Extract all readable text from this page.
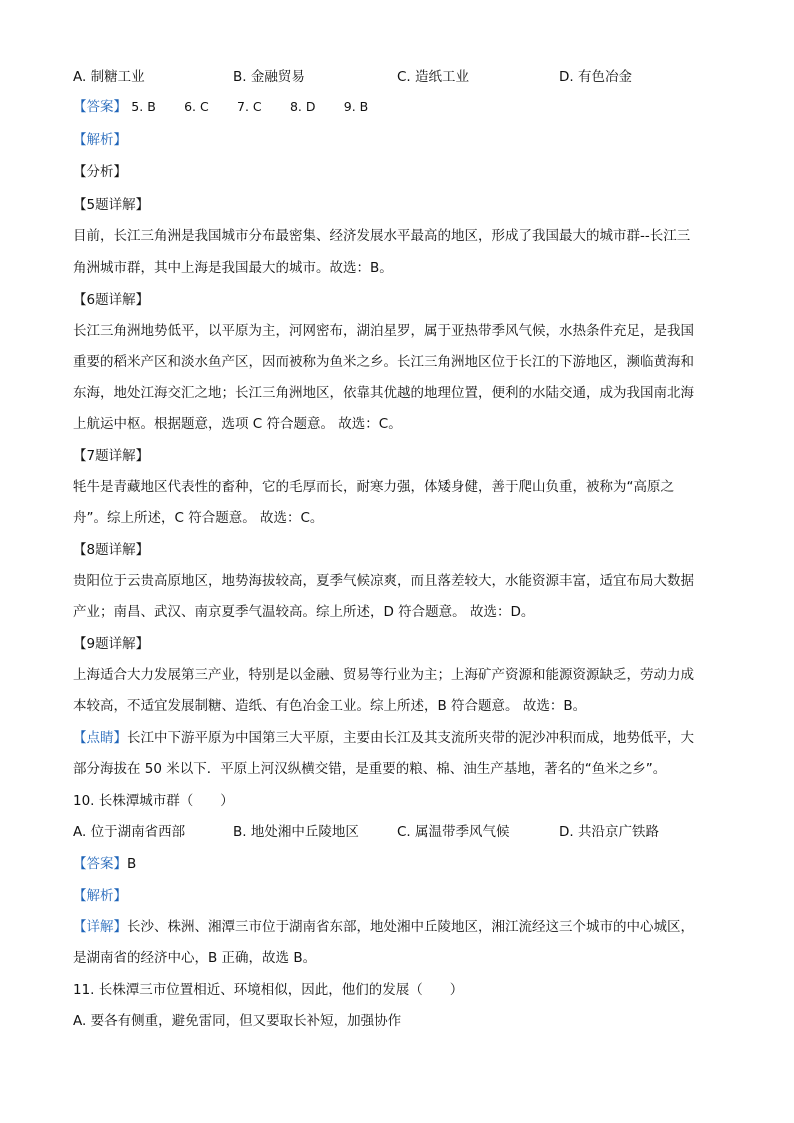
A. 制糖工业	B. 金融贸易	C. 造纸工业	D. 有色冶金
【答案】 5. B 6. C 7. C 8. D 9. B
【解析】
【分析】
【5题详解】
目前，长江三角洲是我国城市分布最密集、经济发展水平最高的地区，形成了我国最大的城市群--长江三
角洲城市群，其中上海是我国最大的城市。故选：B。
【6题详解】
长江三角洲地势低平，以平原为主，河网密布，湖泊星罗，属于亚热带季风气候，水热条件充足，是我国
重要的稻米产区和淡水鱼产区，因而被称为鱼米之乡。长江三角洲地区位于长江的下游地区，濒临黄海和
东海，地处江海交汇之地；长江三角洲地区，依靠其优越的地理位置，便利的水陆交通，成为我国南北海
上航运中枢。根据题意，选项 C 符合题意。 故选：C。
【7题详解】
牦牛是青藏地区代表性的畜种，它的毛厚而长，耐寒力强，体矮身健，善于爬山负重，被称为“高原之
舟”。综上所述，C 符合题意。 故选：C。
【8题详解】
贵阳位于云贵高原地区，地势海拔较高，夏季气候凉爽，而且落差较大，水能资源丰富，适宜布局大数据
产业；南昌、武汉、南京夏季气温较高。综上所述，D 符合题意。 故选：D。
【9题详解】
上海适合大力发展第三产业，特别是以金融、贸易等行业为主；上海矿产资源和能源资源缺乏，劳动力成
本较高，不适宜发展制糖、造纸、有色冶金工业。综上所述，B 符合题意。 故选：B。
【点睛】长江中下游平原为中国第三大平原，主要由长江及其支流所夹带的泥沙冲积而成，地势低平，大
部分海拔在 50 米以下．平原上河汉纵横交错，是重要的粮、棉、油生产基地，著名的“鱼米之乡”。
10. 长株潭城市群（　　）
A. 位于湖南省西部	B. 地处湘中丘陵地区	C. 属温带季风气候	D. 共沿京广铁路
【答案】B
【解析】
【详解】长沙、株洲、湘潭三市位于湖南省东部，地处湘中丘陵地区，湘江流经这三个城市的中心城区，
是湖南省的经济中心，B 正确，故选 B。
11. 长株潭三市位置相近、环境相似，因此，他们的发展（　　）
A. 要各有侧重，避免雷同，但又要取长补短，加强协作
